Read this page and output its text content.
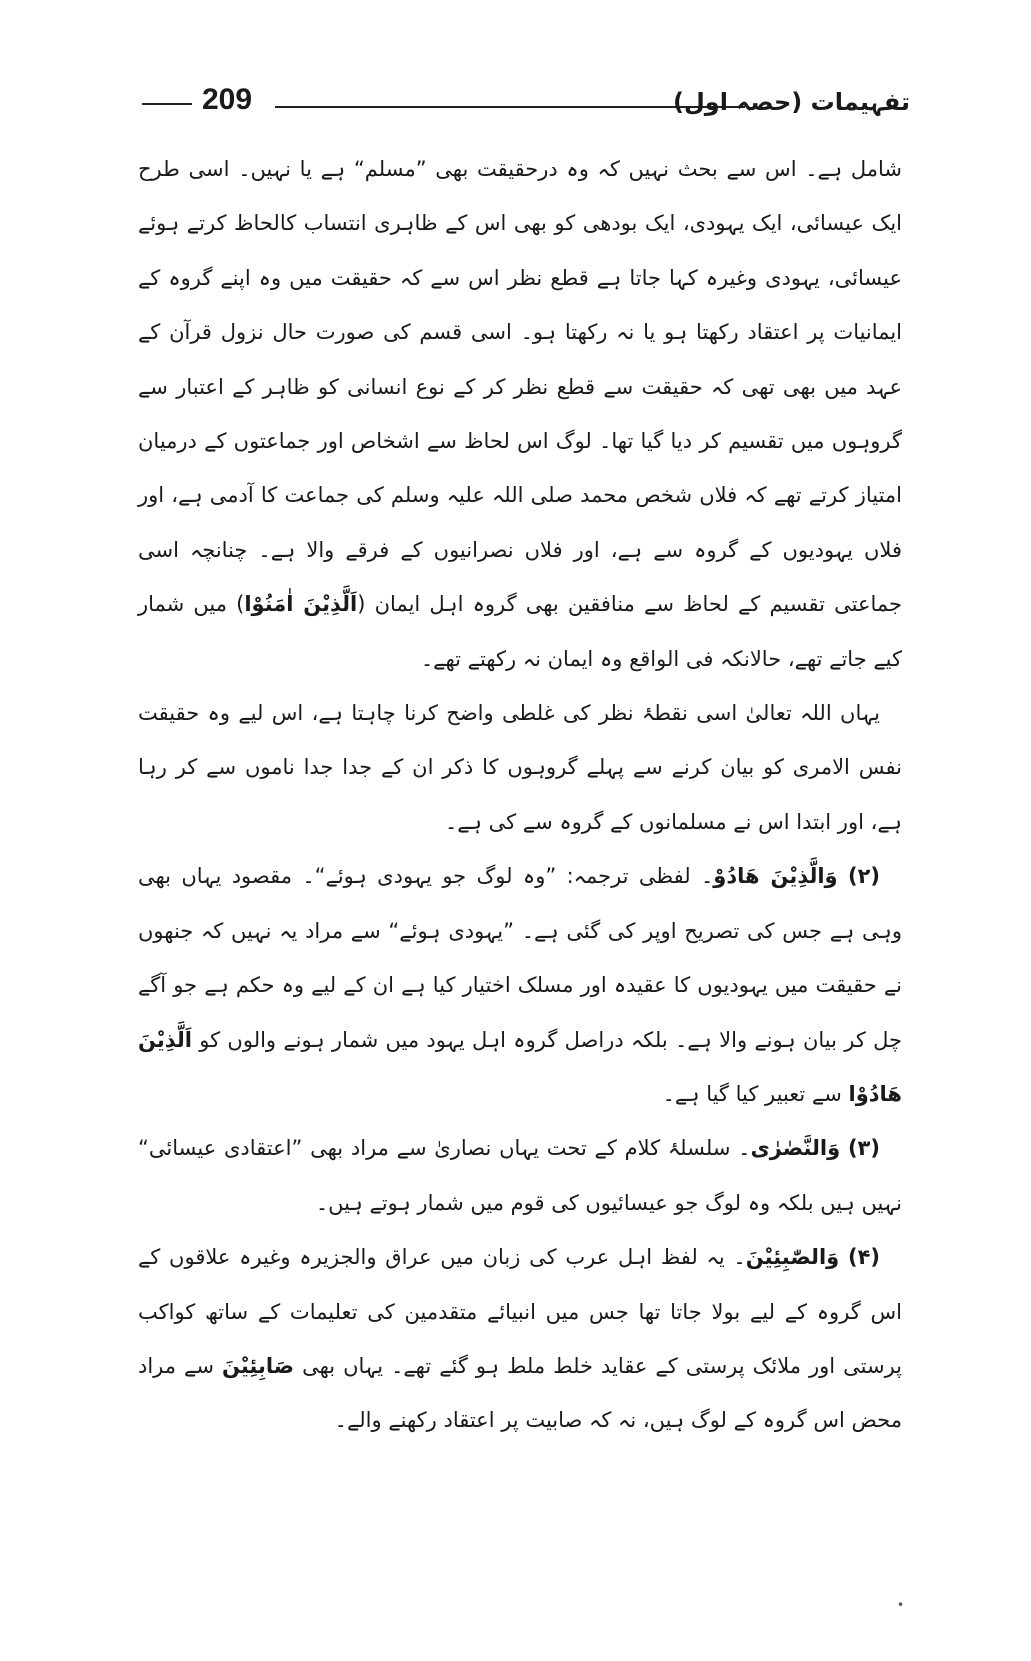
209	تفہیمات (حصہ اول)

شامل ہے۔ اس سے بحث نہیں کہ وہ درحقیقت بھی ”مسلم“ ہے یا نہیں۔ اسی طرح ایک عیسائی، ایک یہودی، ایک بودھی کو بھی اس کے ظاہری انتساب کالحاظ کرتے ہوئے عیسائی، یہودی وغیرہ کہا جاتا ہے قطع نظر اس سے کہ حقیقت میں وہ اپنے گروہ کے ایمانیات پر اعتقاد رکھتا ہو یا نہ رکھتا ہو۔ اسی قسم کی صورت حال نزول قرآن کے عہد میں بھی تھی کہ حقیقت سے قطع نظر کر کے نوع انسانی کو ظاہر کے اعتبار سے گروہوں میں تقسیم کر دیا گیا تھا۔ لوگ اس لحاظ سے اشخاص اور جماعتوں کے درمیان امتیاز کرتے تھے کہ فلاں شخص محمد صلی اللہ علیہ وسلم کی جماعت کا آدمی ہے، اور فلاں یہودیوں کے گروہ سے ہے، اور فلاں نصرانیوں کے فرقے والا ہے۔ چنانچہ اسی جماعتی تقسیم کے لحاظ سے منافقین بھی گروہ اہل ایمان (اَلَّذِیْنَ اٰمَنُوْا) میں شمار کیے جاتے تھے، حالانکہ فی الواقع وہ ایمان نہ رکھتے تھے۔

یہاں اللہ تعالیٰ اسی نقطۂ نظر کی غلطی واضح کرنا چاہتا ہے، اس لیے وہ حقیقت نفس الامری کو بیان کرنے سے پہلے گروہوں کا ذکر ان کے جدا جدا ناموں سے کر رہا ہے، اور ابتدا اس نے مسلمانوں کے گروہ سے کی ہے۔

(۲) وَالَّذِیْنَ ھَادُوْ۔ لفظی ترجمہ: ”وہ لوگ جو یہودی ہوئے“۔ مقصود یہاں بھی وہی ہے جس کی تصریح اوپر کی گئی ہے۔ ”یہودی ہوئے“ سے مراد یہ نہیں کہ جنھوں نے حقیقت میں یہودیوں کا عقیدہ اور مسلک اختیار کیا ہے ان کے لیے وہ حکم ہے جو آگے چل کر بیان ہونے والا ہے۔ بلکہ دراصل گروہ اہل یہود میں شمار ہونے والوں کو اَلَّذِیْنَ ھَادُوْا سے تعبیر کیا گیا ہے۔

(۳) وَالنَّصٰرٰی۔ سلسلۂ کلام کے تحت یہاں نصاریٰ سے مراد بھی ”اعتقادی عیسائی“ نہیں ہیں بلکہ وہ لوگ جو عیسائیوں کی قوم میں شمار ہوتے ہیں۔

(۴) وَالصّٰبِئِیْنَ۔ یہ لفظ اہل عرب کی زبان میں عراق والجزیرہ وغیرہ علاقوں کے اس گروہ کے لیے بولا جاتا تھا جس میں انبیائے متقدمین کی تعلیمات کے ساتھ کواکب پرستی اور ملائک پرستی کے عقاید خلط ملط ہو گئے تھے۔ یہاں بھی صَابِئِیْنَ سے مراد محض اس گروہ کے لوگ ہیں، نہ کہ صابیت پر اعتقاد رکھنے والے۔

•
